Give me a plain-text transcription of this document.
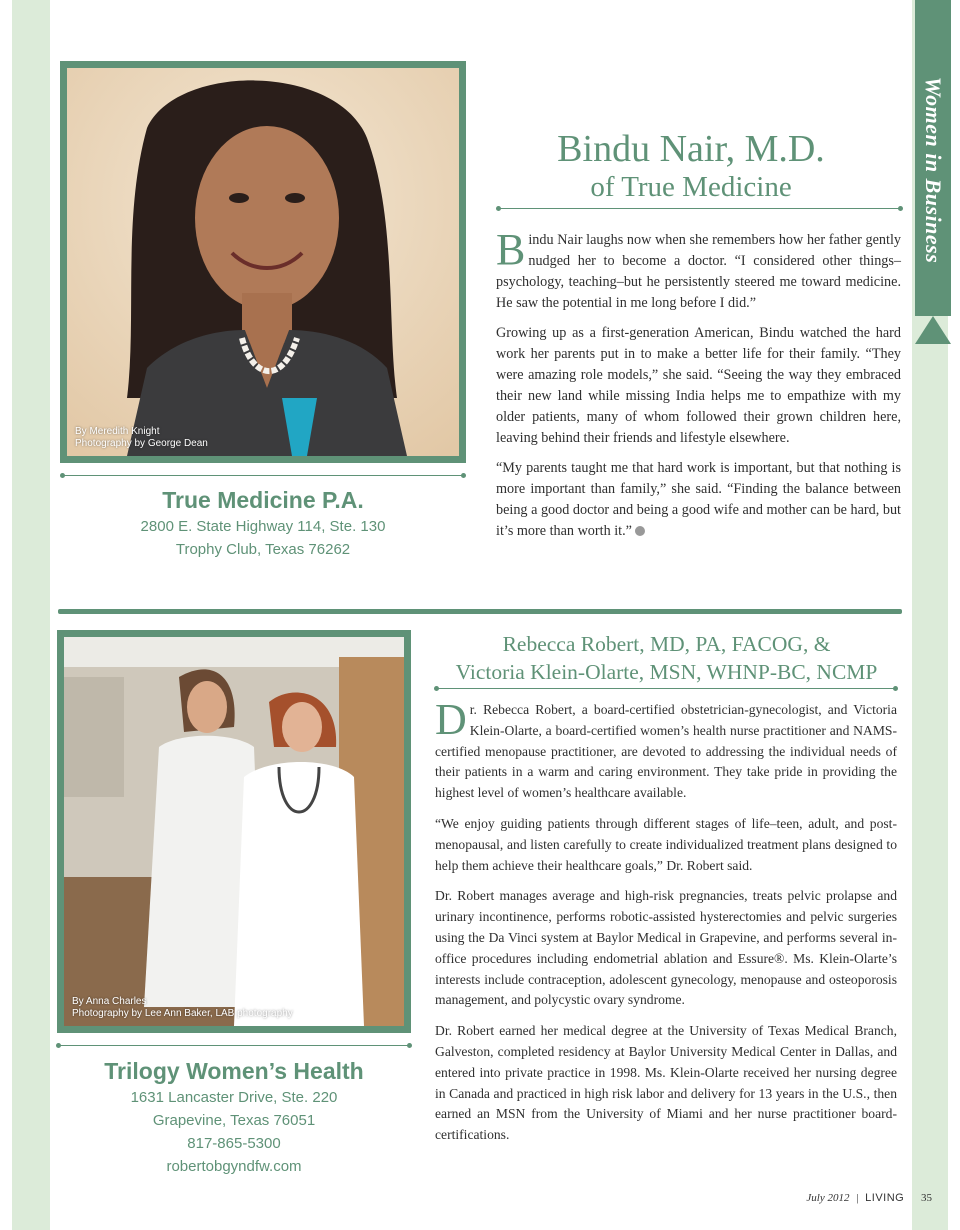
Women in Business
By Meredith Knight
Photography by George Dean
True Medicine P.A.
2800 E. State Highway 114, Ste. 130
Trophy Club, Texas 76262
Bindu Nair, M.D.
of True Medicine

Bindu Nair laughs now when she remembers how her father gently nudged her to become a doctor. “I considered other things–psychology, teaching–but he persistently steered me toward medicine. He saw the potential in me long before I did.”

Growing up as a first-generation American, Bindu watched the hard work her parents put in to make a better life for their family. “They were amazing role models,” she said. “Seeing the way they embraced their new land while missing India helps me to empathize with my older patients, many of whom followed their grown children here, leaving behind their friends and lifestyle elsewhere.

“My parents taught me that hard work is important, but that nothing is more important than family,” she said. “Finding the balance between being a good doctor and being a good wife and mother can be hard, but it’s more than worth it.”

By Anna Charles
Photography by Lee Ann Baker, LAB photography
Trilogy Women’s Health
1631 Lancaster Drive, Ste. 220
Grapevine, Texas 76051
817-865-5300
robertobgyndfw.com
Rebecca Robert, MD, PA, FACOG, &
Victoria Klein-Olarte, MSN, WHNP-BC, NCMP

Dr. Rebecca Robert, a board-certified obstetrician-gynecologist, and Victoria Klein-Olarte, a board-certified women’s health nurse practitioner and NAMS-certified menopause practitioner, are devoted to addressing the individual needs of their patients in a warm and caring environment. They take pride in providing the highest level of women’s healthcare available.

“We enjoy guiding patients through different stages of life–teen, adult, and post-menopausal, and listen carefully to create individualized treatment plans designed to help them achieve their healthcare goals,” Dr. Robert said.

Dr. Robert manages average and high-risk pregnancies, treats pelvic prolapse and urinary incontinence, performs robotic-assisted hysterectomies and pelvic surgeries using the Da Vinci system at Baylor Medical in Grapevine, and performs several in-office procedures including endometrial ablation and Essure®. Ms. Klein-Olarte’s interests include contraception, adolescent gynecology, menopause and osteoporosis management, and polycystic ovary syndrome.

Dr. Robert earned her medical degree at the University of Texas Medical Branch, Galveston, completed residency at Baylor University Medical Center in Dallas, and entered into private practice in 1998. Ms. Klein-Olarte received her nursing degree in Canada and practiced in high risk labor and delivery for 13 years in the U.S., then earned an MSN from the University of Miami and her nurse practitioner board-certifications.

July 2012 | LIVING 35
